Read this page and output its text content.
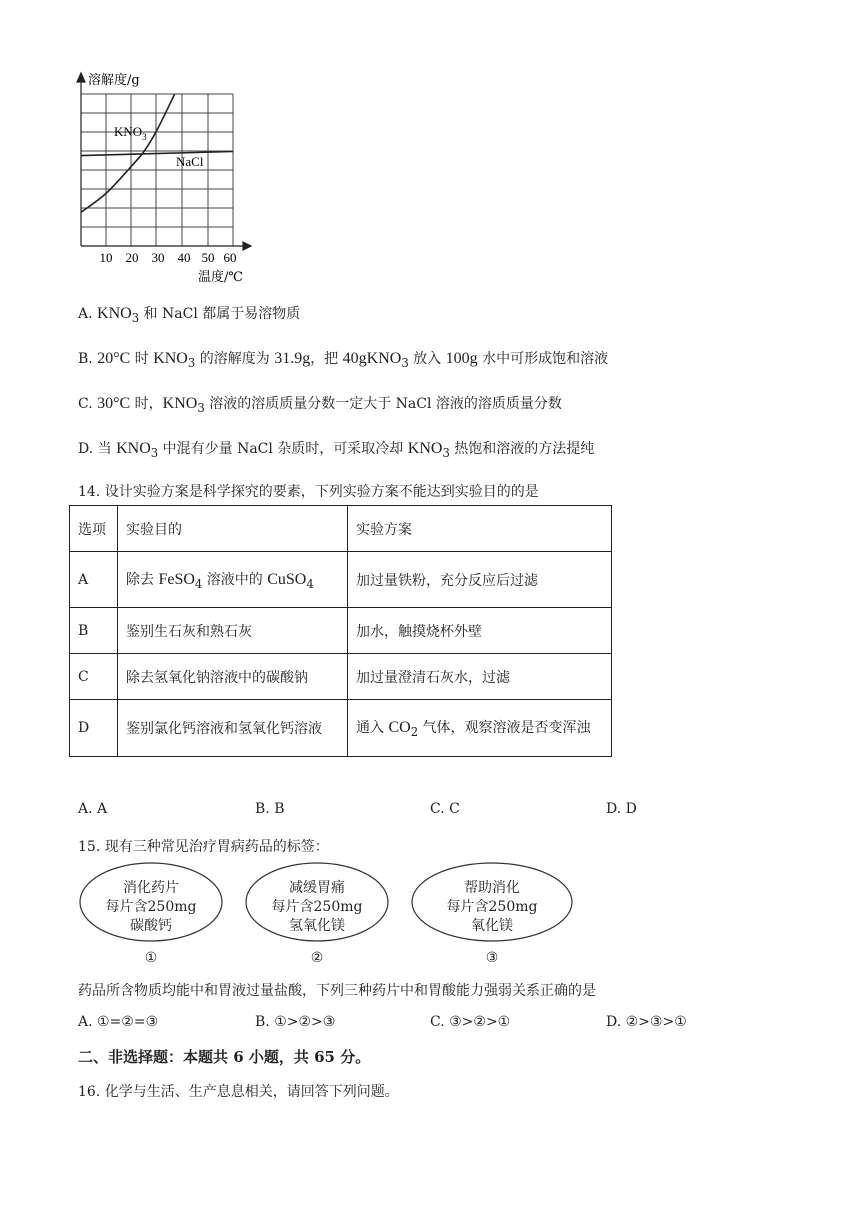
溶解度/g
$KNO_3$
NaCl
10 20 30 40 50 60
温度/℃
A. $KNO_3$ 和 NaCl 都属于易溶物质
B. 20°C 时 $KNO_3$ 的溶解度为 31.9g，把 40gKNO$_3$ 放入 100g 水中可形成饱和溶液
C. 30°C 时，$KNO_3$ 溶液的溶质质量分数一定大于 NaCl 溶液的溶质质量分数
D. 当 $KNO_3$ 中混有少量 NaCl 杂质时，可采取冷却 $KNO_3$ 热饱和溶液的方法提纯
14. 设计实验方案是科学探究的要素，下列实验方案不能达到实验目的的是
选项	实验目的	实验方案
A	除去 FeSO$_4$ 溶液中的 CuSO$_4$	加过量铁粉，充分反应后过滤
B	鉴别生石灰和熟石灰	加水，触摸烧杯外壁
C	除去氢氧化钠溶液中的碳酸钠	加过量澄清石灰水，过滤
D	鉴别氯化钙溶液和氢氧化钙溶液	通入 $CO_2$ 气体，观察溶液是否变浑浊
A. A	B. B	C. C	D. D
15. 现有三种常见治疗胃病药品的标签：
消化药片
每片含250mg
碳酸钙
①
减缓胃痛
每片含250mg
氢氧化镁
②
帮助消化
每片含250mg
氧化镁
③
药品所含物质均能中和胃液过量盐酸，下列三种药片中和胃酸能力强弱关系正确的是
A. ①=②=③	B. ①>②>③	C. ③>②>①	D. ②>③>①
二、非选择题：本题共 6 小题，共 65 分。
16. 化学与生活、生产息息相关，请回答下列问题。
